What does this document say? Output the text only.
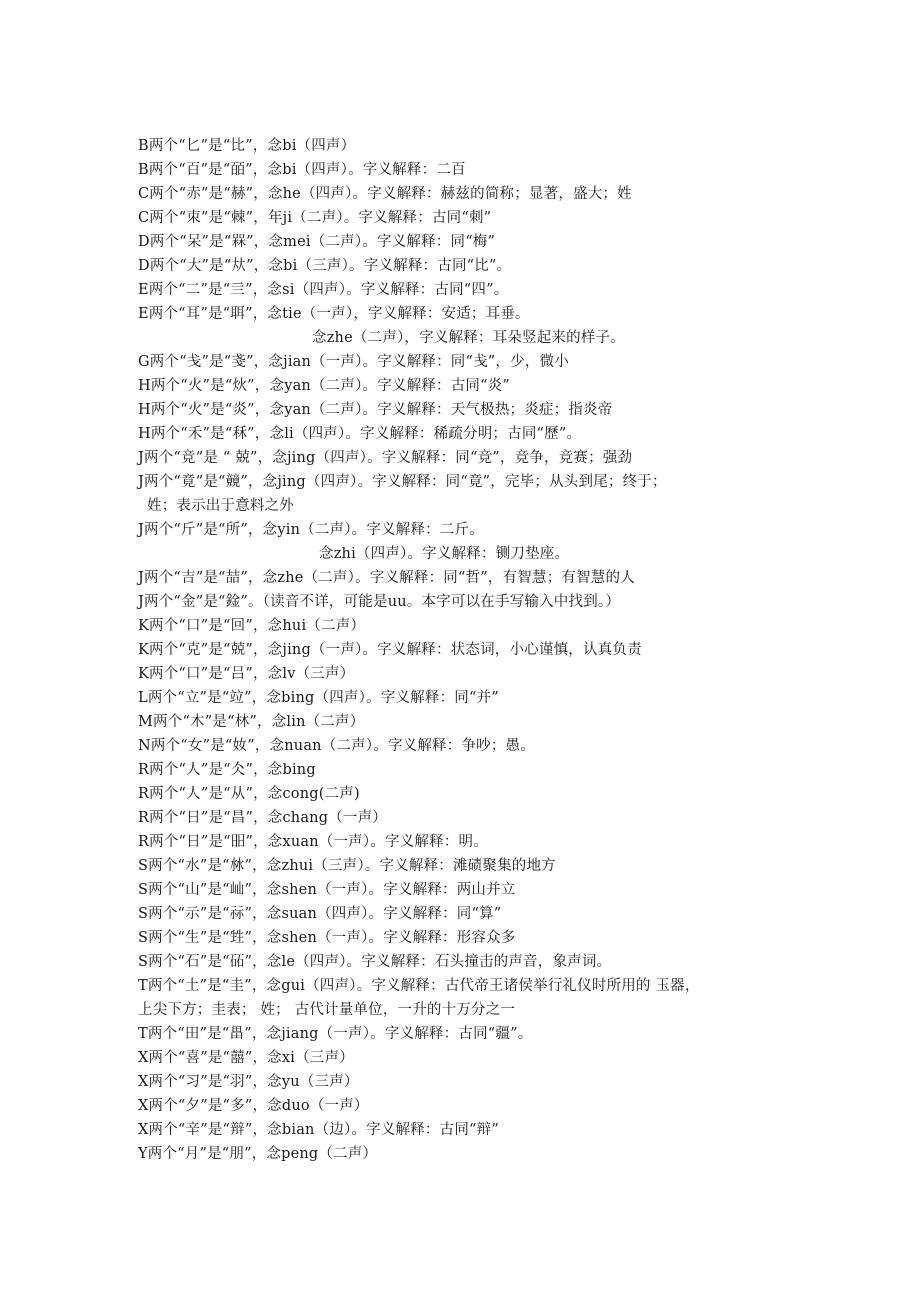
B两个“匕”是“比”，念bi（四声）
B两个“百”是“皕”，念bi（四声）。字义解释：二百
C两个“赤”是“赫”，念he（四声）。字义解释：赫兹的简称；显著，盛大；姓
C两个“朿”是“棘”，年ji（二声）。字义解释：古同“刺”
D两个“呆”是“槑”，念mei（二声）。字义解释：同“梅”
D两个“大”是“夶”，念bi（三声）。字义解释：古同“比”。
E两个“二”是“亖”，念si（四声）。字义解释：古同“四”。
E两个“耳”是“聑”，念tie（一声），字义解释：安适；耳垂。
念zhe（二声），字义解释：耳朵竖起来的样子。
G两个“戋”是“戔”，念jian（一声）。字义解释：同“戋”，少，微小
H两个“火”是“炏”，念yan（二声）。字义解释：古同“炎”
H两个“火”是“炎”，念yan（二声）。字义解释：天气极热；炎症；指炎帝
H两个“禾”是“秝”，念li（四声）。字义解释：稀疏分明；古同“歷”。
J两个“竞”是 “ 兢”，念jing（四声）。字义解释：同“竞”，竞争，竞赛；强劲
J两个“竟”是“竸”，念jing（四声）。字义解释：同“竟”，完毕；从头到尾；终于；
姓；表示出于意料之外
J两个“斤”是“所”，念yin（二声）。字义解释：二斤。
念zhi（四声）。字义解释：铡刀垫座。
J两个“吉”是“喆”，念zhe（二声）。字义解释：同“哲”，有智慧；有智慧的人
J两个“金”是“鍂”。（读音不详，可能是uu。本字可以在手写输入中找到。）
K两个“口”是“回”，念hui（二声）
K两个“克”是“兢”，念jing（一声）。字义解释：状态词，小心谨慎，认真负责
K两个“口”是“吕”，念lv（三声）
L两个“立”是“竝”，念bing（四声）。字义解释：同“并”
M两个“木”是“林”，念lin（二声）
N两个“女”是“奻”，念nuan（二声）。字义解释：争吵；愚。
R两个“人”是“仌”，念bing
R两个“人”是“从”，念cong(二声)
R两个“日”是“昌”，念chang（一声）
R两个“日”是“昍”，念xuan（一声）。字义解释：明。
S两个“水”是“沝”，念zhui（三声）。字义解释：滩碛聚集的地方
S两个“山”是“屾”，念shen（一声）。字义解释：两山并立
S两个“示”是“祘”，念suan（四声）。字义解释：同“算”
S两个“生”是“甡”，念shen（一声）。字义解释：形容众多
S两个“石”是“砳”，念le（四声）。字义解释：石头撞击的声音，象声词。
T两个“土”是“圭”，念gui（四声）。字义解释：古代帝王诸侯举行礼仪时所用的 玉器，
上尖下方；圭表； 姓； 古代计量单位，一升的十万分之一
T两个“田”是“畕”，念jiang（一声）。字义解释：古同“疆”。
X两个“喜”是“囍”，念xi（三声）
X两个“习”是“羽”，念yu（三声）
X两个“夕”是“多”，念duo（一声）
X两个“辛”是“辩”，念bian（边）。字义解释：古同“辩”
Y两个“月”是“朋”，念peng（二声）
